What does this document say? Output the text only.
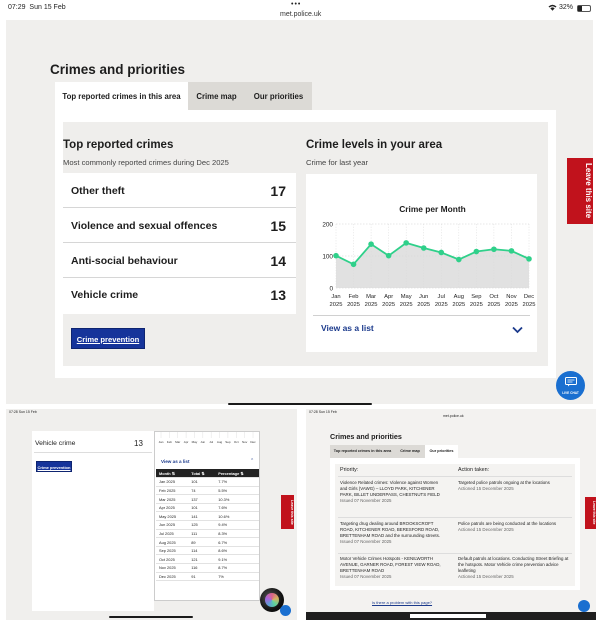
07:29 Sun 15 Feb	•••
met.police.uk
32%
Crimes and priorities
Top reported crimes in this area	Crime map	Our priorities
Top reported crimes
Most commonly reported crimes during Dec 2025
Other theft	17
Violence and sexual offences	15
Anti-social behaviour	14
Vehicle crime	13
Crime prevention
Crime levels in your area
Crime for last year
Crime per Month
0
100
200
Jan
2025
Feb
2025
Mar
2025
Apr
2025
May
2025
Jun
2025
Jul
2025
Aug
2025
Sep
2025
Oct
2025
Nov
2025
Dec
2025
View as a list
Leave this site
LIVE CHAT
07:28 Sun 15 Feb
Vehicle crime	13
Crime prevention
Jan Feb Mar Apr May Jun Jul Aug Sep Oct Nov Dec
View as a list	⌃
Month ⇅	Total ⇅	Percentage ⇅
Jan 2025	101	7.7%
Feb 2025	74	5.5%
Mar 2025	137	10.3%
Apr 2025	101	7.6%
May 2025	141	10.6%
Jun 2025	125	9.4%
Jul 2025	111	8.3%
Aug 2025	89	6.7%
Sep 2025	114	8.6%
Oct 2025	121	9.1%
Nov 2025	116	8.7%
Dec 2025	91	7%
Leave this site
07:28 Sun 15 Feb
met.police.uk
Crimes and priorities
Top reported crimes in this area	Crime map	Our priorities
Priority:	Action taken:
Violence Related crimes: Violence against Women and Girls (VAWG) – LLOYD PARK, KITCHENER PARK, BILLET UNDERPASS, CHESTNUTS FIELD
Issued 07 November 2025
Targeted police patrols ongoing at the locations
Actioned 15 December 2025
Targeting drug dealing around BROOKSCROFT ROAD, KITCHENER ROAD, BERESFORD ROAD, BRETTENHAM ROAD and the surrounding streets.
Issued 07 November 2025
Police patrols are being conducted at the locations
Actioned 15 December 2025
Motor Vehicle Crimes Hotspots - KENILWORTH AVENUE, GARNER ROAD, FOREST VIEW ROAD, BRETTENHAM ROAD
Issued 07 November 2025
Default patrols at locations. Conducting Street Briefing at the hotspots. Motor Vehicle crime prevention advice leafleting
Actioned 15 December 2025
Is there a problem with this page?
Leave this site
